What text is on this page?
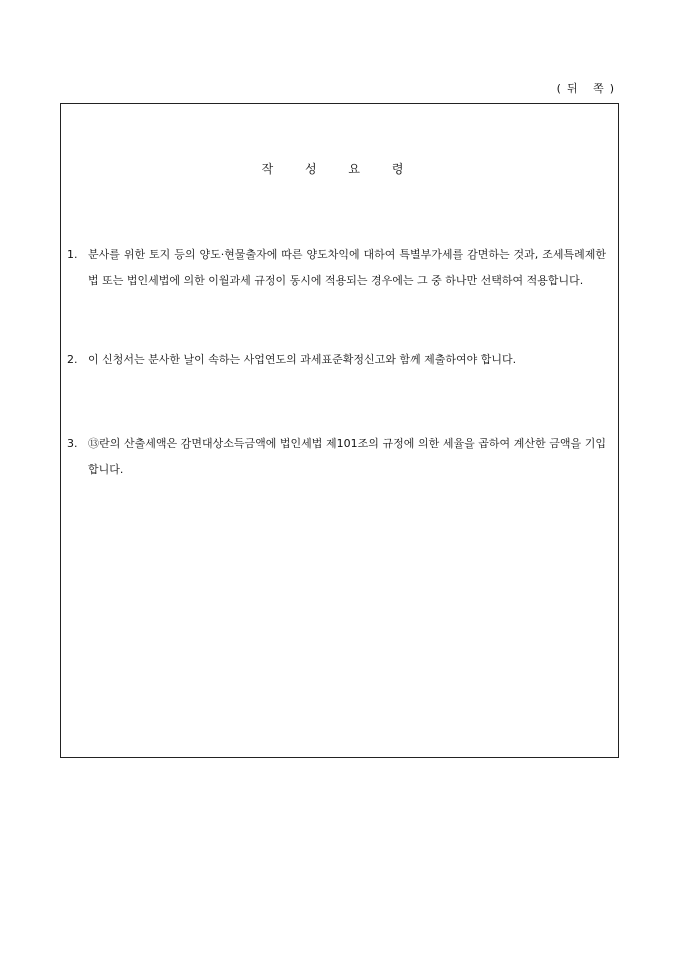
(뒤 쪽)
작 성 요 령
1. 분사를 위한 토지 등의 양도·현물출자에 따른 양도차익에 대하여 특별부가세를 감면하는 것과, 조세특례제한법 또는 법인세법에 의한 이월과세 규정이 동시에 적용되는 경우에는 그 중 하나만 선택하여 적용합니다.
2. 이 신청서는 분사한 날이 속하는 사업연도의 과세표준확정신고와 함께 제출하여야 합니다.
3. ⑬란의 산출세액은 감면대상소득금액에 법인세법 제101조의 규정에 의한 세율을 곱하여 계산한 금액을 기입합니다.
